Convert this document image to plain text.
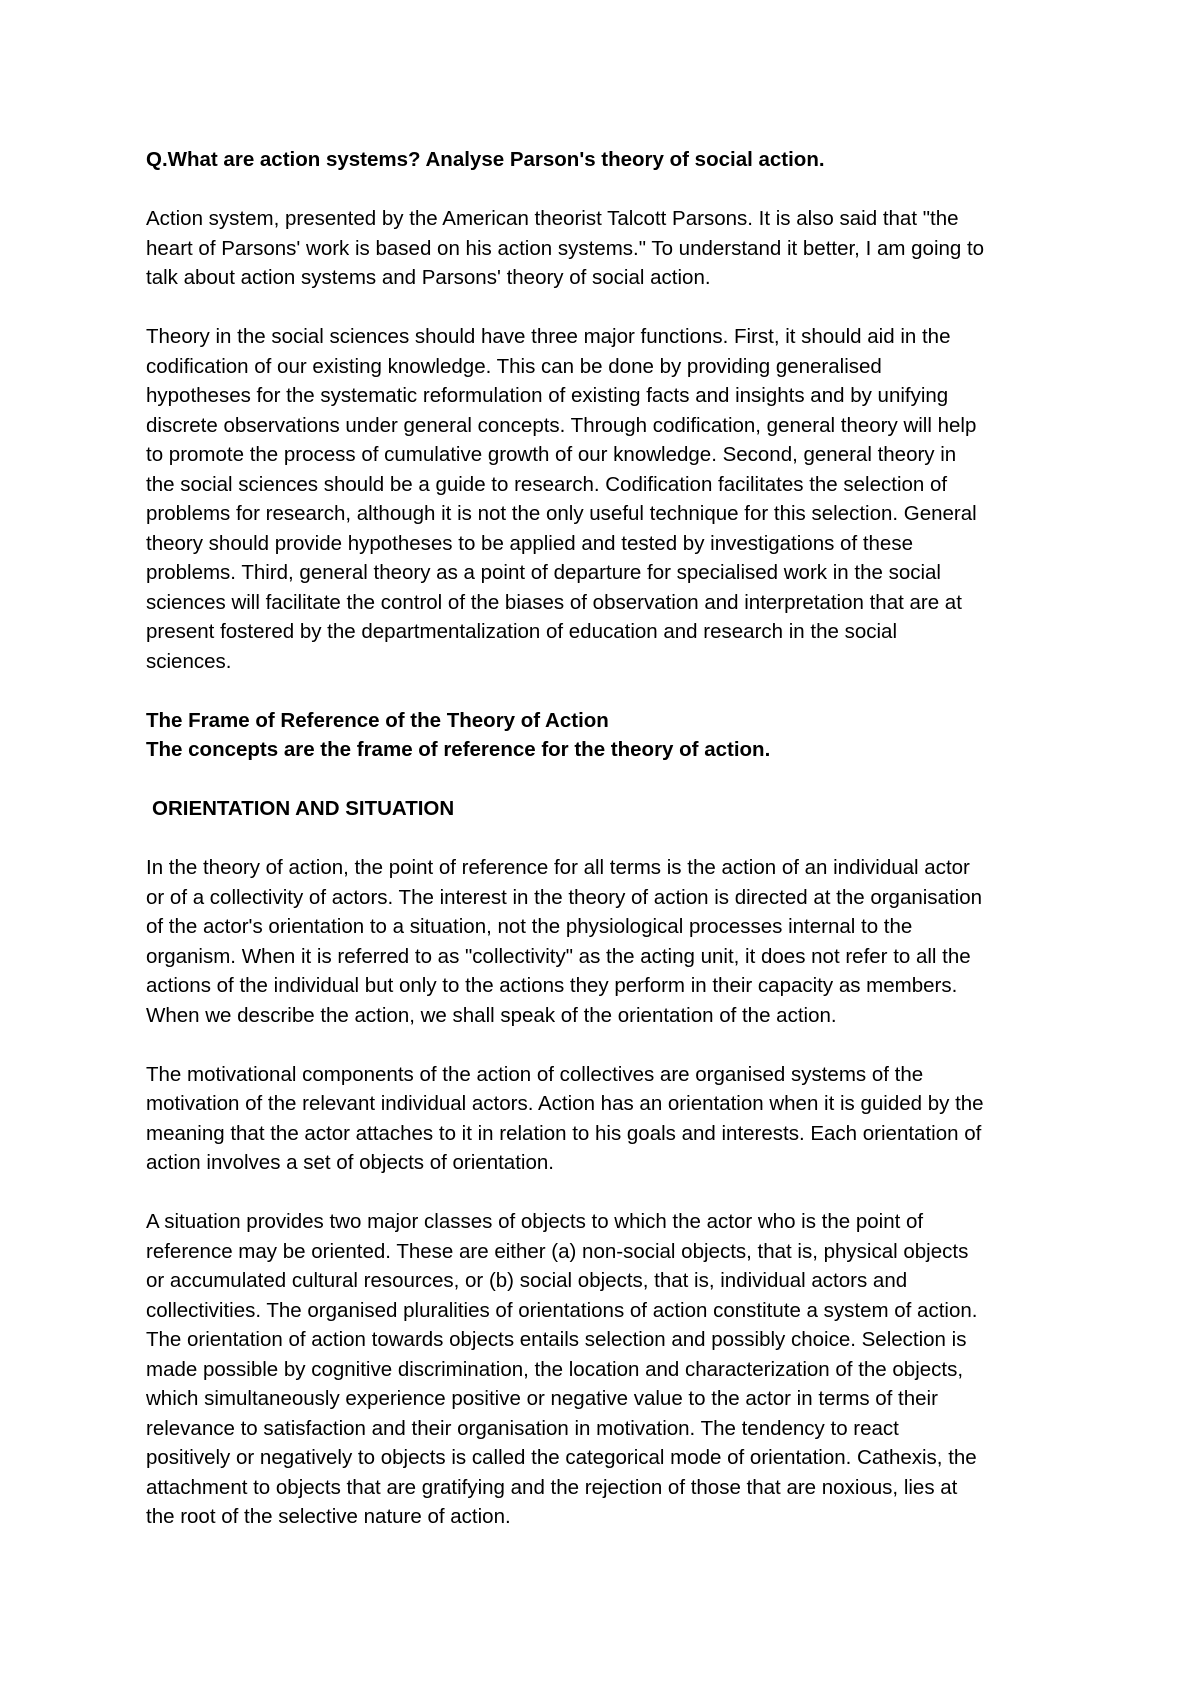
Q.What are action systems? Analyse Parson's theory of social action.
Action system, presented by the American theorist Talcott Parsons. It is also said that "the
heart of Parsons' work is based on his action systems." To understand it better, I am going to
talk about action systems and Parsons' theory of social action.
Theory in the social sciences should have three major functions. First, it should aid in the
codification of our existing knowledge. This can be done by providing generalised
hypotheses for the systematic reformulation of existing facts and insights and by unifying
discrete observations under general concepts. Through codification, general theory will help
to promote the process of cumulative growth of our knowledge. Second, general theory in
the social sciences should be a guide to research. Codification facilitates the selection of
problems for research, although it is not the only useful technique for this selection. General
theory should provide hypotheses to be applied and tested by investigations of these
problems. Third, general theory as a point of departure for specialised work in the social
sciences will facilitate the control of the biases of observation and interpretation that are at
present fostered by the departmentalization of education and research in the social
sciences.
The Frame of Reference of the Theory of Action
The concepts are the frame of reference for the theory of action.
ORIENTATION AND SITUATION
In the theory of action, the point of reference for all terms is the action of an individual actor
or of a collectivity of actors. The interest in the theory of action is directed at the organisation
of the actor's orientation to a situation, not the physiological processes internal to the
organism. When it is referred to as "collectivity" as the acting unit, it does not refer to all the
actions of the individual but only to the actions they perform in their capacity as members.
When we describe the action, we shall speak of the orientation of the action.
The motivational components of the action of collectives are organised systems of the
motivation of the relevant individual actors. Action has an orientation when it is guided by the
meaning that the actor attaches to it in relation to his goals and interests. Each orientation of
action involves a set of objects of orientation.
A situation provides two major classes of objects to which the actor who is the point of
reference may be oriented. These are either (a) non-social objects, that is, physical objects
or accumulated cultural resources, or (b) social objects, that is, individual actors and
collectivities. The organised pluralities of orientations of action constitute a system of action.
The orientation of action towards objects entails selection and possibly choice. Selection is
made possible by cognitive discrimination, the location and characterization of the objects,
which simultaneously experience positive or negative value to the actor in terms of their
relevance to satisfaction and their organisation in motivation. The tendency to react
positively or negatively to objects is called the categorical mode of orientation. Cathexis, the
attachment to objects that are gratifying and the rejection of those that are noxious, lies at
the root of the selective nature of action.
